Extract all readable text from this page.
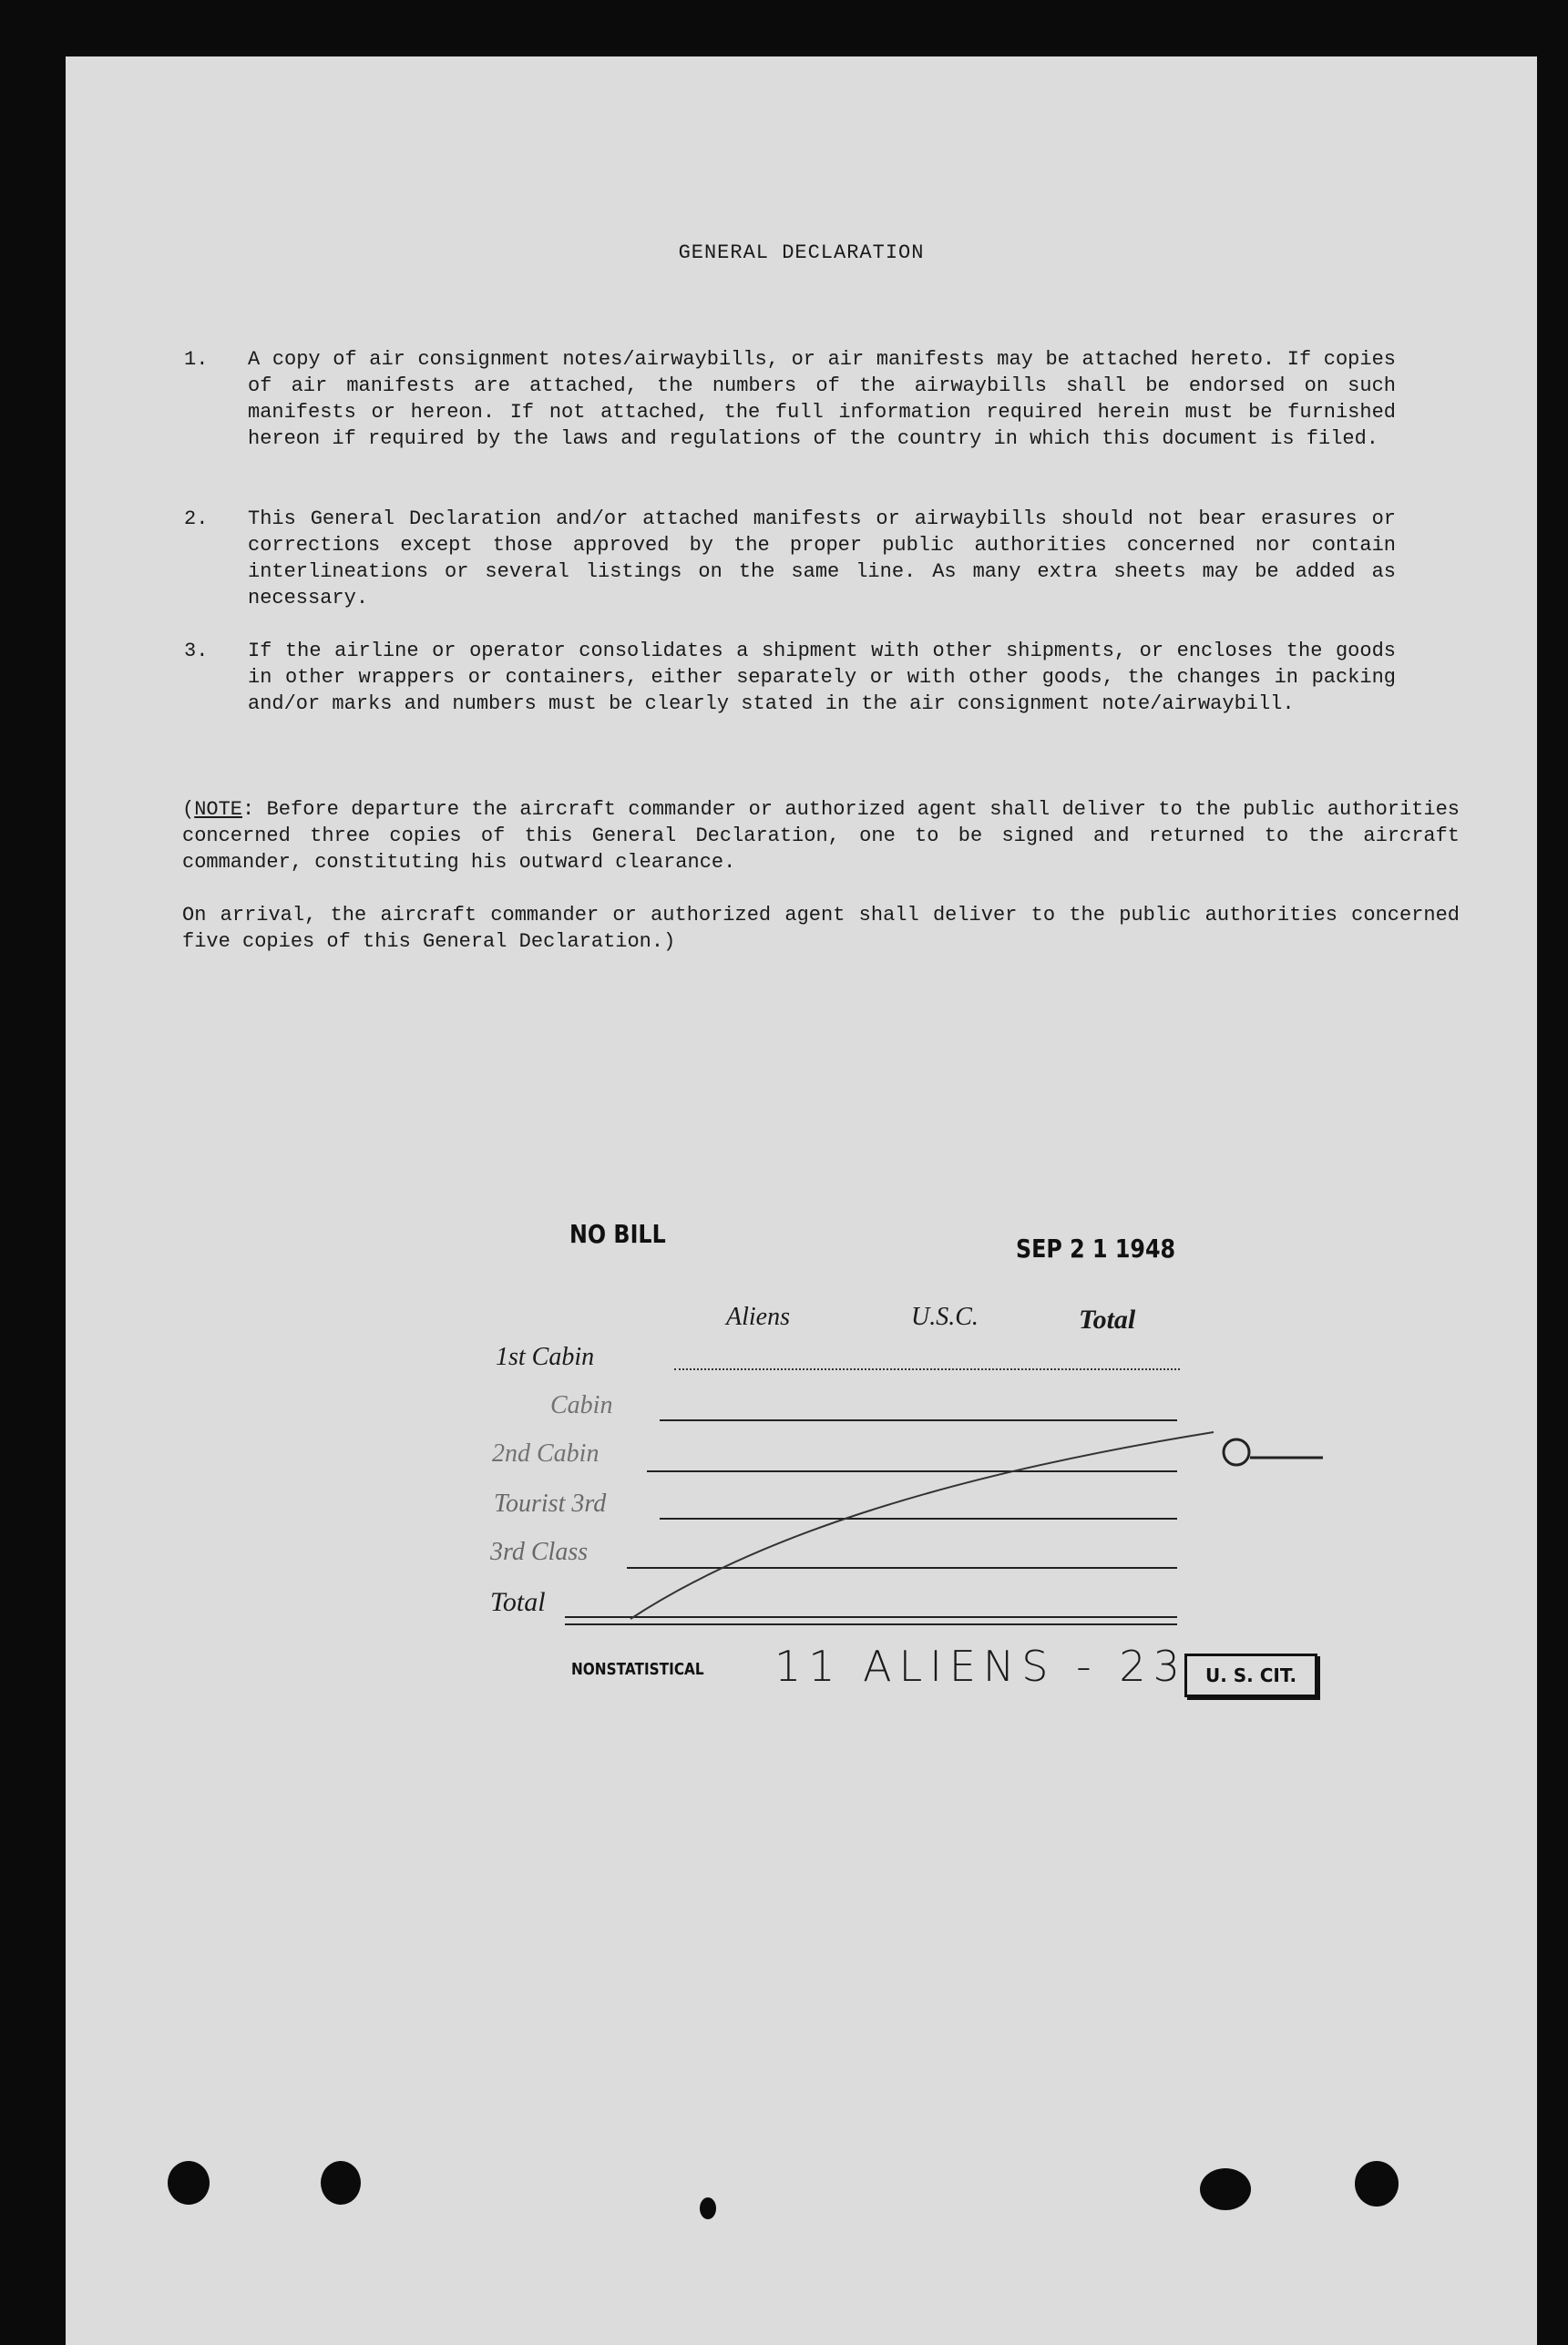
GENERAL DECLARATION
1. A copy of air consignment notes/airwaybills, or air manifests may be attached hereto. If copies of air manifests are attached, the numbers of the airwaybills shall be endorsed on such manifests or hereon. If not attached, the full information required herein must be furnished hereon if required by the laws and regulations of the country in which this document is filed.
2. This General Declaration and/or attached manifests or airwaybills should not bear erasures or corrections except those approved by the proper public authorities concerned nor contain interlineations or several listings on the same line. As many extra sheets may be added as necessary.
3. If the airline or operator consolidates a shipment with other shipments, or encloses the goods in other wrappers or containers, either separately or with other goods, the changes in packing and/or marks and numbers must be clearly stated in the air consignment note/airwaybill.
(NOTE: Before departure the aircraft commander or authorized agent shall deliver to the public authorities concerned three copies of this General Declaration, one to be signed and returned to the aircraft commander, constituting his outward clearance.
On arrival, the aircraft commander or authorized agent shall deliver to the public authorities concerned five copies of this General Declaration.)
NO BILL	SEP 2 1 1948
Aliens	U.S.C.	Total
1st Cabin
Cabin
2nd Cabin
Tourist 3rd
3rd Class
Total
NONSTATISTICAL 11 ALIENS - 23	U. S. CIT.
